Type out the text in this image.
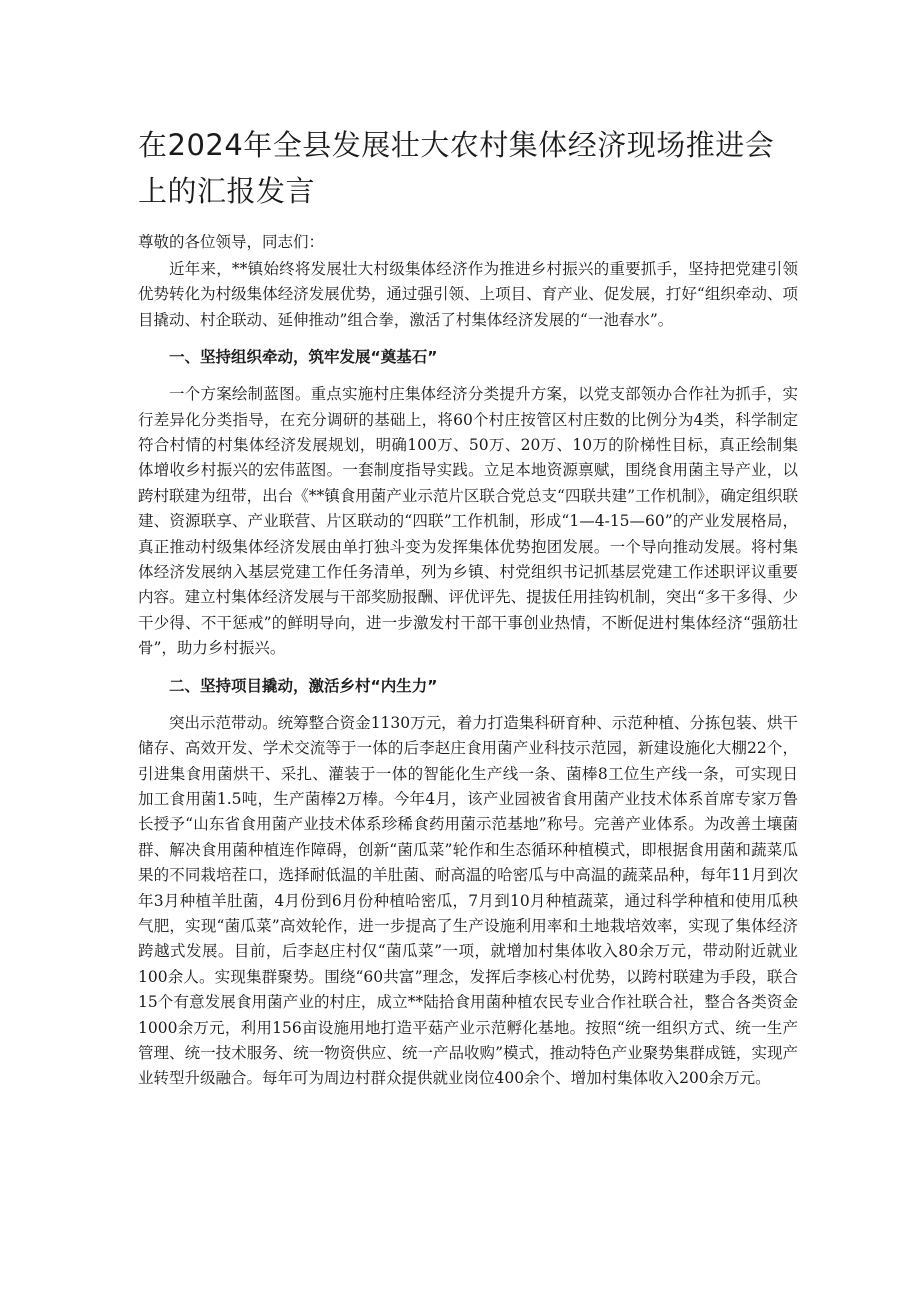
在2024年全县发展壮大农村集体经济现场推进会上的汇报发言
尊敬的各位领导，同志们：

近年来，**镇始终将发展壮大村级集体经济作为推进乡村振兴的重要抓手，坚持把党建引领优势转化为村级集体经济发展优势，通过强引领、上项目、育产业、促发展，打好“组织牵动、项目撬动、村企联动、延伸推动”组合拳，激活了村集体经济发展的“一池春水”。

一、坚持组织牵动，筑牢发展“奠基石”

一个方案绘制蓝图。重点实施村庄集体经济分类提升方案，以党支部领办合作社为抓手，实行差异化分类指导，在充分调研的基础上，将60个村庄按管区村庄数的比例分为4类，科学制定符合村情的村集体经济发展规划，明确100万、50万、20万、10万的阶梯性目标，真正绘制集体增收乡村振兴的宏伟蓝图。一套制度指导实践。立足本地资源禀赋，围绕食用菌主导产业，以跨村联建为纽带，出台《**镇食用菌产业示范片区联合党总支“四联共建”工作机制》，确定组织联建、资源联享、产业联营、片区联动的“四联”工作机制，形成“1—4-15—60”的产业发展格局，真正推动村级集体经济发展由单打独斗变为发挥集体优势抱团发展。一个导向推动发展。将村集体经济发展纳入基层党建工作任务清单，列为乡镇、村党组织书记抓基层党建工作述职评议重要内容。建立村集体经济发展与干部奖励报酬、评优评先、提拔任用挂钩机制，突出“多干多得、少干少得、不干惩戒”的鲜明导向，进一步激发村干部干事创业热情，不断促进村集体经济“强筋壮骨”，助力乡村振兴。

二、坚持项目撬动，激活乡村“内生力”

突出示范带动。统筹整合资金1130万元，着力打造集科研育种、示范种植、分拣包装、烘干储存、高效开发、学术交流等于一体的后李赵庄食用菌产业科技示范园，新建设施化大棚22个，引进集食用菌烘干、采扎、灌装于一体的智能化生产线一条、菌棒8工位生产线一条，可实现日加工食用菌1.5吨，生产菌棒2万棒。今年4月，该产业园被省食用菌产业技术体系首席专家万鲁长授予“山东省食用菌产业技术体系珍稀食药用菌示范基地”称号。完善产业体系。为改善土壤菌群、解决食用菌种植连作障碍，创新“菌瓜菜”轮作和生态循环种植模式，即根据食用菌和蔬菜瓜果的不同栽培茬口，选择耐低温的羊肚菌、耐高温的哈密瓜与中高温的蔬菜品种，每年11月到次年3月种植羊肚菌，4月份到6月份种植哈密瓜，7月到10月种植蔬菜，通过科学种植和使用瓜秧气肥，实现“菌瓜菜”高效轮作，进一步提高了生产设施利用率和土地栽培效率，实现了集体经济跨越式发展。目前，后李赵庄村仅“菌瓜菜”一项，就增加村集体收入80余万元，带动附近就业100余人。实现集群聚势。围绕“60共富”理念，发挥后李核心村优势，以跨村联建为手段，联合15个有意发展食用菌产业的村庄，成立**陆拾食用菌种植农民专业合作社联合社，整合各类资金1000余万元，利用156亩设施用地打造平菇产业示范孵化基地。按照“统一组织方式、统一生产管理、统一技术服务、统一物资供应、统一产品收购”模式，推动特色产业聚势集群成链，实现产业转型升级融合。每年可为周边村群众提供就业岗位400余个、增加村集体收入200余万元。
